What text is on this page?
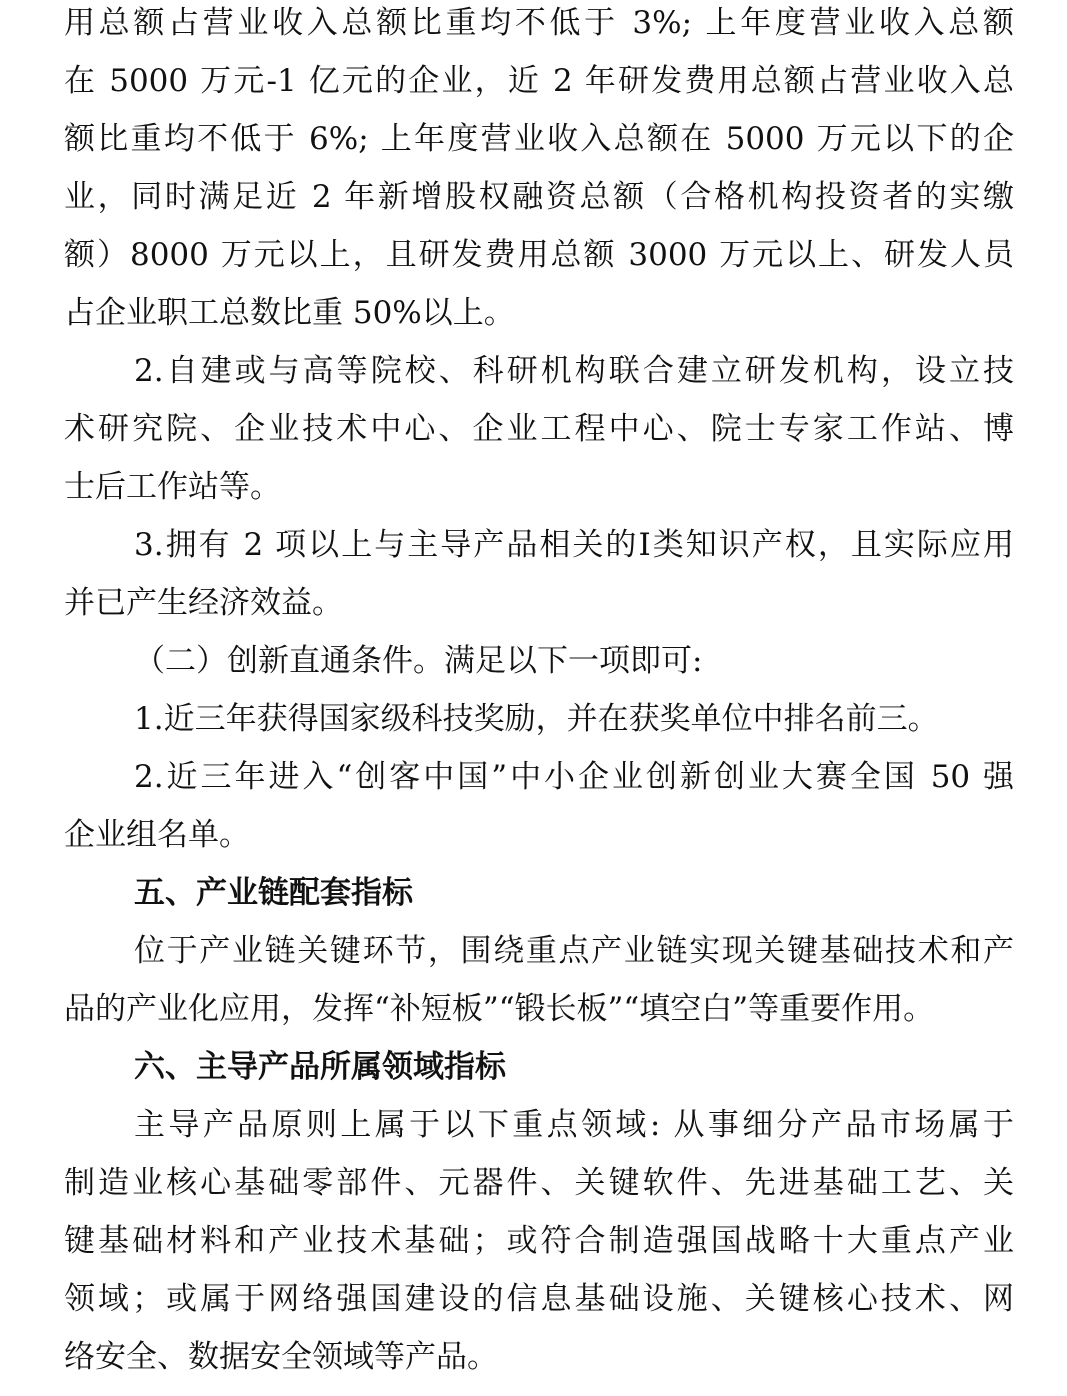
用总额占营业收入总额比重均不低于 3%; 上年度营业收入总额
在 5000 万元-1 亿元的企业，近 2 年研发费用总额占营业收入总
额比重均不低于 6%; 上年度营业收入总额在 5000 万元以下的企
业，同时满足近 2 年新增股权融资总额（合格机构投资者的实缴
额）8000 万元以上，且研发费用总额 3000 万元以上、研发人员
占企业职工总数比重 50%以上。
2.自建或与高等院校、科研机构联合建立研发机构，设立技
术研究院、企业技术中心、企业工程中心、院士专家工作站、博
士后工作站等。
3.拥有 2 项以上与主导产品相关的I类知识产权，且实际应用
并已产生经济效益。
（二）创新直通条件。满足以下一项即可:
1.近三年获得国家级科技奖励，并在获奖单位中排名前三。
2.近三年进入“创客中国”中小企业创新创业大赛全国 50 强
企业组名单。
五、产业链配套指标
位于产业链关键环节，围绕重点产业链实现关键基础技术和产
品的产业化应用，发挥“补短板”“锻长板”“填空白”等重要作用。
六、主导产品所属领域指标
主导产品原则上属于以下重点领域: 从事细分产品市场属于
制造业核心基础零部件、元器件、关键软件、先进基础工艺、关
键基础材料和产业技术基础；或符合制造强国战略十大重点产业
领域；或属于网络强国建设的信息基础设施、关键核心技术、网
络安全、数据安全领域等产品。
